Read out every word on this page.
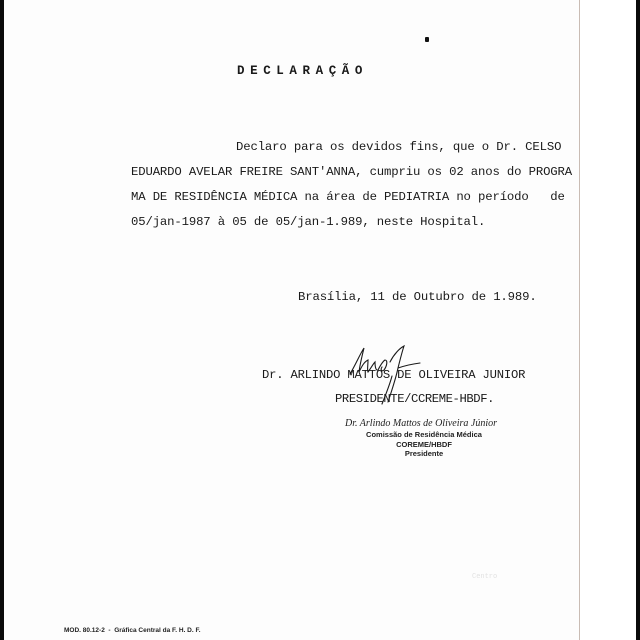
DECLARAÇÃO
Declaro para os devidos fins, que o Dr. CELSO
EDUARDO AVELAR FREIRE SANT'ANNA, cumpriu os 02 anos do PROGRA
MA DE RESIDÊNCIA MÉDICA na área de PEDIATRIA no período   de
05/jan-1987 à 05 de 05/jan-1.989, neste Hospital.
Brasília, 11 de Outubro de 1.989.
Dr. ARLINDO MATTOS DE OLIVEIRA JUNIOR
PRESIDENTE/CCREME-HBDF.
Dr. Arlindo Mattos de Oliveira Júnior
Comissão de Residência Médica
COREME/HBDF
Presidente
Centro
MOD. 80.12-2  -  Gráfica Central da F. H. D. F.
